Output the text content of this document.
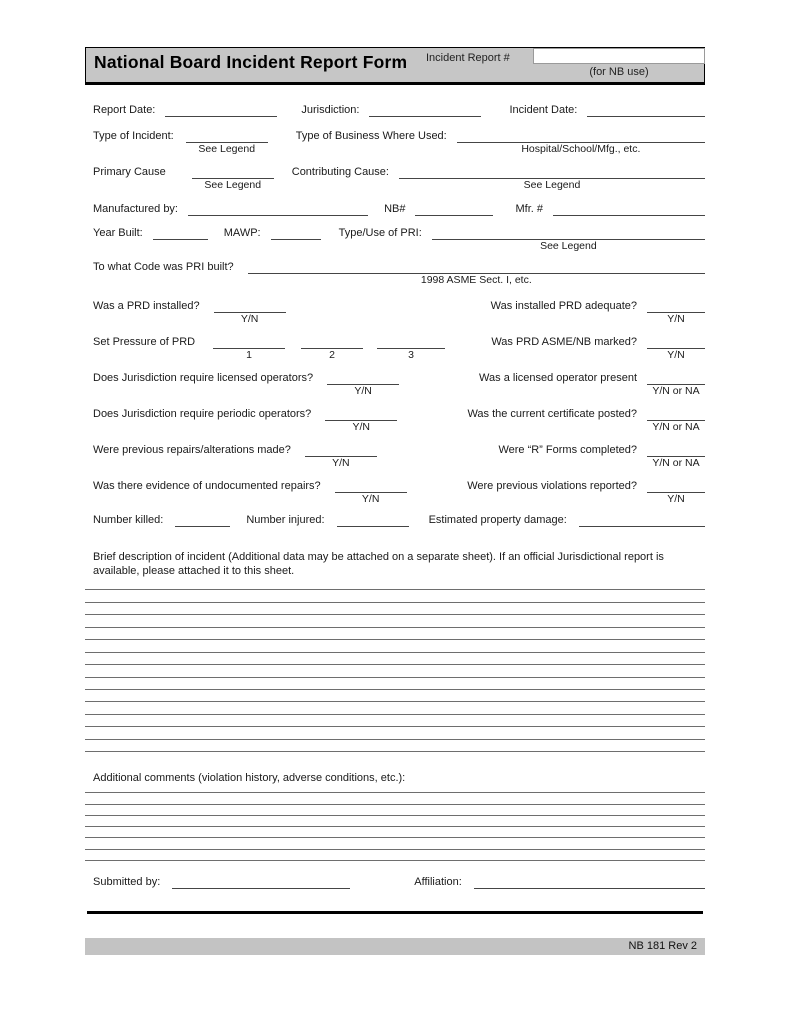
National Board Incident Report Form Incident Report #
(for NB use)
Report Date:	Jurisdiction:	Incident Date:
Type of Incident:
See Legend
Type of Business Where Used:
Hospital/School/Mfg., etc.
Primary Cause
See Legend
Contributing Cause:
See Legend
Manufactured by:	NB#	Mfr. #
Year Built:	MAWP:	Type/Use of PRI:
See Legend
To what Code was PRI built?
1998 ASME Sect. I, etc.
Was a PRD installed?
Y/N
Was installed PRD adequate?
Y/N
Set Pressure of PRD
1	2	3
Was PRD ASME/NB marked?
Y/N
Does Jurisdiction require licensed operators?
Y/N
Was a licensed operator present
Y/N or NA
Does Jurisdiction require periodic operators?
Y/N
Was the current certificate posted?
Y/N or NA
Were previous repairs/alterations made?
Y/N
Were “R” Forms completed?
Y/N or NA
Was there evidence of undocumented repairs?
Y/N
Were previous violations reported?
Y/N
Number killed:	Number injured:	Estimated property damage:
Brief description of incident (Additional data may be attached on a separate sheet). If an official Jurisdictional report is available, please attached it to this sheet.
Additional comments (violation history, adverse conditions, etc.):
Submitted by:	Affiliation:
NB 181 Rev 2
